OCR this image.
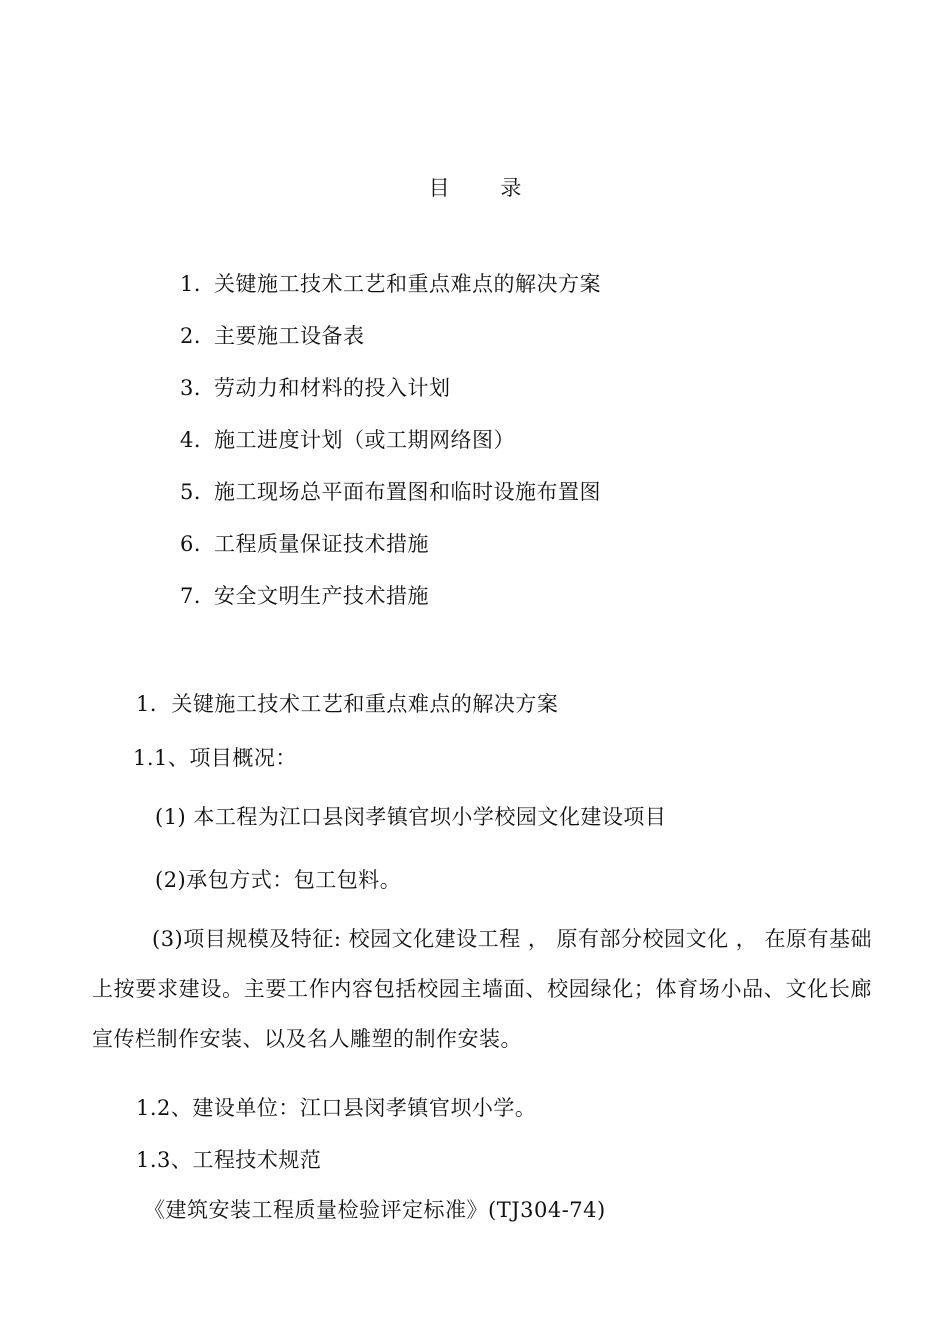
目 录
1．关键施工技术工艺和重点难点的解决方案
2．主要施工设备表
3．劳动力和材料的投入计划
4．施工进度计划（或工期网络图）
5．施工现场总平面布置图和临时设施布置图
6．工程质量保证技术措施
7．安全文明生产技术措施
1．关键施工技术工艺和重点难点的解决方案
1.1、项目概况：
(1) 本工程为江口县闵孝镇官坝小学校园文化建设项目
(2)承包方式：包工包料。
(3)项目规模及特征: 校园文化建设工程 ， 原有部分校园文化 ， 在原有基础上按要求建设。主要工作内容包括校园主墙面、校园绿化；体育场小品、文化长廊宣传栏制作安装、以及名人雕塑的制作安装。
1.2、建设单位：江口县闵孝镇官坝小学。
1.3、工程技术规范
《建筑安装工程质量检验评定标准》(TJ304-74)
